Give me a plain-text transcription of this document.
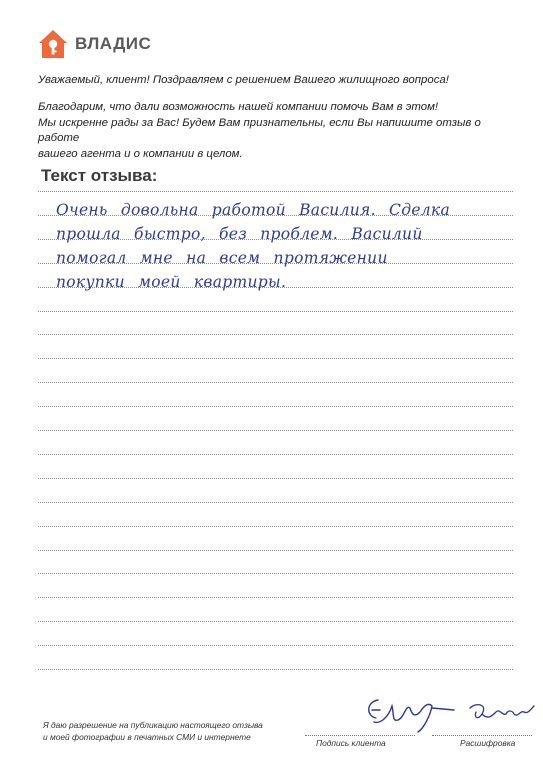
ВЛАДИС

Уважаемый, клиент! Поздравляем с решением Вашего жилищного вопроса!

Благодарим, что дали возможность нашей компании помочь Вам в этом!

Мы искренне рады за Вас! Будем Вам признательны, если Вы напишите отзыв о работе

вашего агента и о компании в целом.

Текст отзыва:
Очень довольна работой Василия. Сделка
прошла быстро, без проблем. Василий
помогал мне на всем протяжении
покупки моей квартиры.
Я даю разрешение на публикацию настоящего отзыва
и моей фотографии в печатных СМИ и интернете
Подпись клиента	Расшифровка
